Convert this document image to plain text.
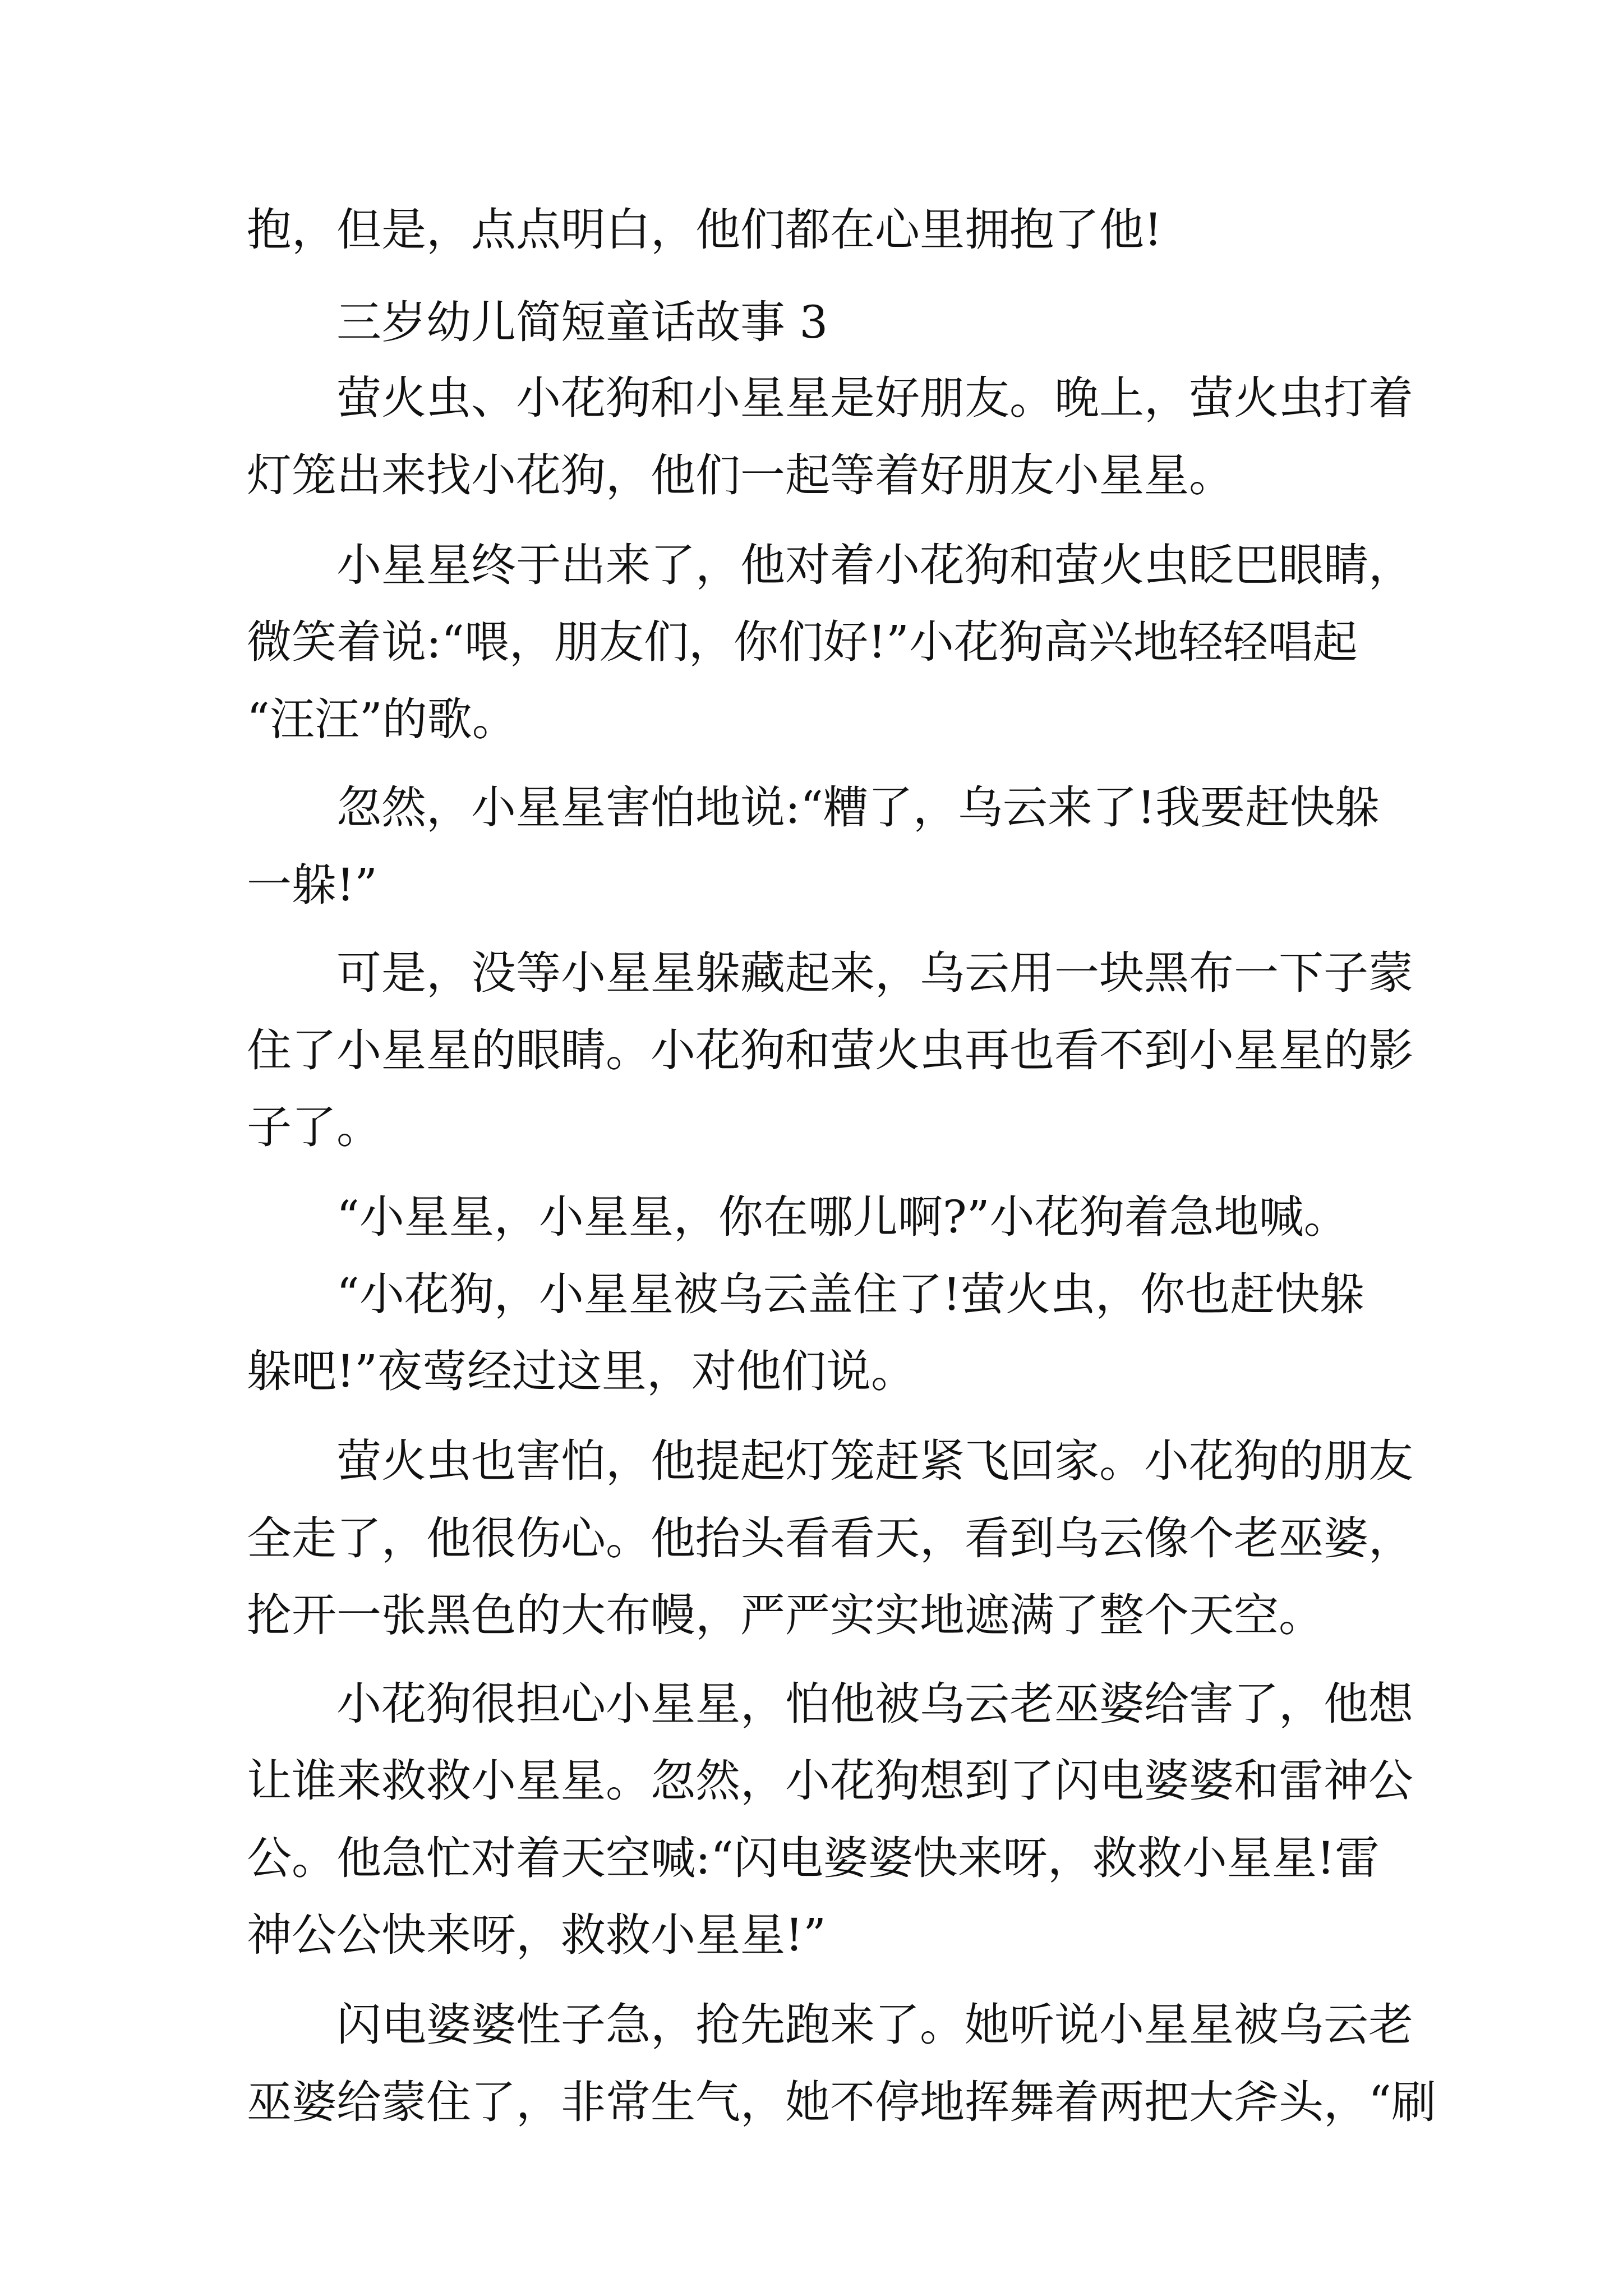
抱，但是，点点明白，他们都在心里拥抱了他!
三岁幼儿简短童话故事 3
萤火虫、小花狗和小星星是好朋友。晚上，萤火虫打着
灯笼出来找小花狗，他们一起等着好朋友小星星。
小星星终于出来了，他对着小花狗和萤火虫眨巴眼睛，
微笑着说:“喂，朋友们，你们好!”小花狗高兴地轻轻唱起
“汪汪”的歌。
忽然，小星星害怕地说:“糟了，乌云来了!我要赶快躲
一躲!”
可是，没等小星星躲藏起来，乌云用一块黑布一下子蒙
住了小星星的眼睛。小花狗和萤火虫再也看不到小星星的影
子了。
“小星星，小星星，你在哪儿啊?”小花狗着急地喊。
“小花狗，小星星被乌云盖住了!萤火虫，你也赶快躲
躲吧!”夜莺经过这里，对他们说。
萤火虫也害怕，他提起灯笼赶紧飞回家。小花狗的朋友
全走了，他很伤心。他抬头看看天，看到乌云像个老巫婆，
抡开一张黑色的大布幔，严严实实地遮满了整个天空。
小花狗很担心小星星，怕他被乌云老巫婆给害了，他想
让谁来救救小星星。忽然，小花狗想到了闪电婆婆和雷神公
公。他急忙对着天空喊:“闪电婆婆快来呀，救救小星星!雷
神公公快来呀，救救小星星!”
闪电婆婆性子急，抢先跑来了。她听说小星星被乌云老
巫婆给蒙住了，非常生气，她不停地挥舞着两把大斧头，“刷
